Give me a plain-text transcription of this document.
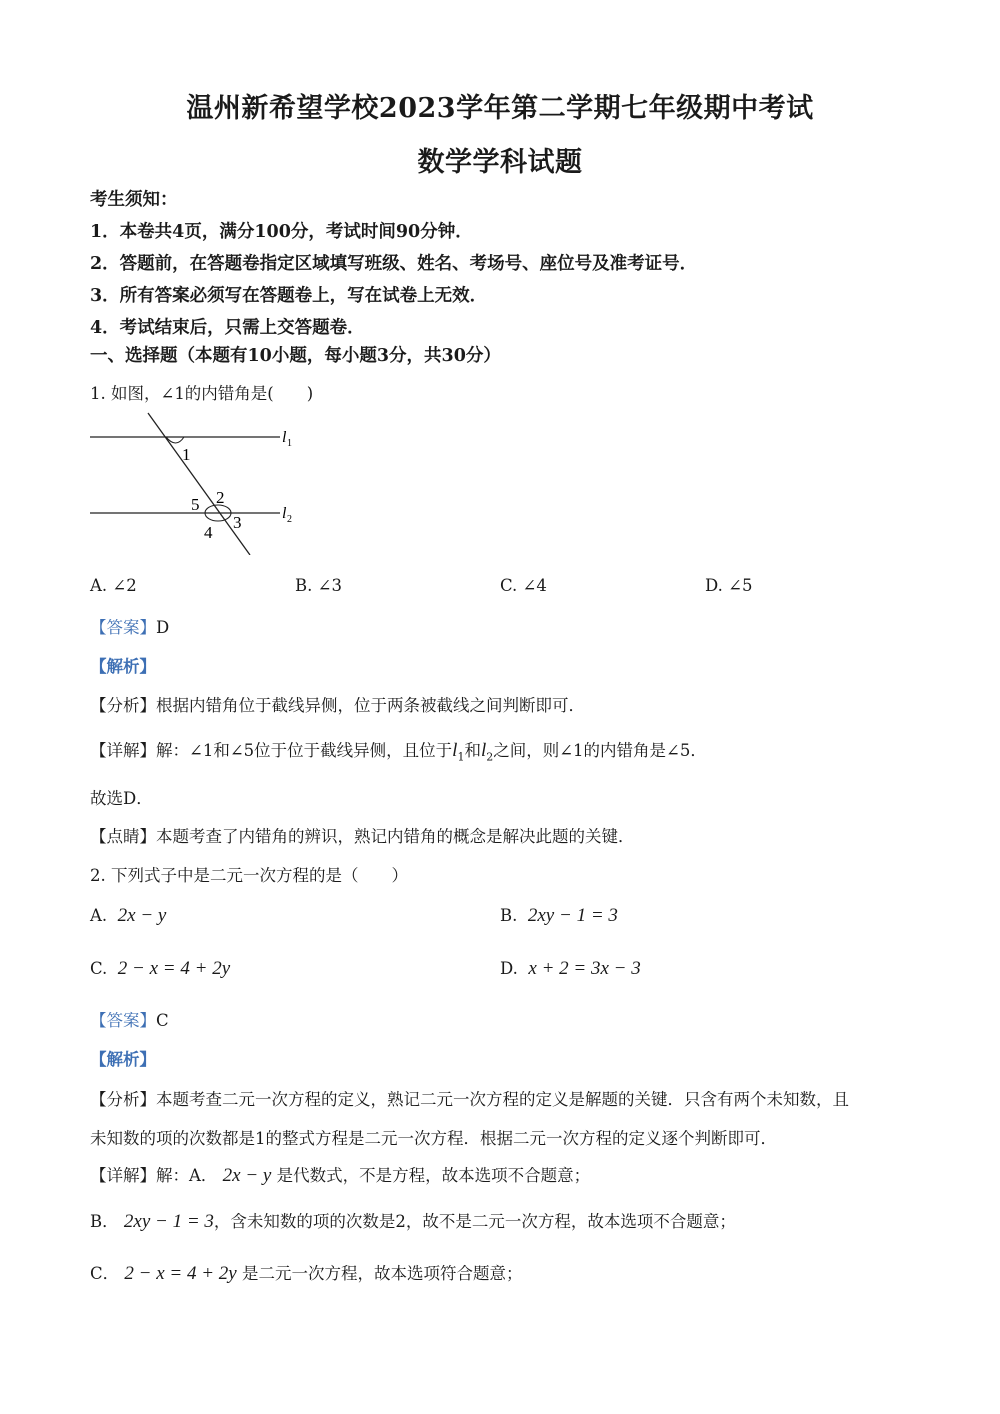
温州新希望学校2023学年第二学期七年级期中考试
数学学科试题
考生须知：
1．本卷共4页，满分100分，考试时间90分钟．
2．答题前，在答题卷指定区域填写班级、姓名、考场号、座位号及准考证号．
3．所有答案必须写在答题卷上，写在试卷上无效．
4．考试结束后，只需上交答题卷．
一、选择题（本题有10小题，每小题3分，共30分）
1. 如图，∠1的内错角是(　　)
1
2
3
4
5
l 1
l 2
A. ∠2	B. ∠3	C. ∠4	D. ∠5
【答案】D
【解析】
【分析】根据内错角位于截线异侧，位于两条被截线之间判断即可．
【详解】解：∠1和∠5位于位于截线异侧，且位于$l_1$和$l_2$之间，则∠1的内错角是∠5．
故选D．
【点睛】本题考查了内错角的辨识，熟记内错角的概念是解决此题的关键．
2. 下列式子中是二元一次方程的是（　　）
A. 2x − y	B. 2xy − 1 = 3
C. 2 − x = 4 + 2y	D. x + 2 = 3x − 3
【答案】C
【解析】
【分析】本题考查二元一次方程的定义，熟记二元一次方程的定义是解题的关键．只含有两个未知数，且
未知数的项的次数都是1的整式方程是二元一次方程．根据二元一次方程的定义逐个判断即可．
【详解】解：A． 2x − y 是代数式，不是方程，故本选项不合题意；
B． 2xy − 1 = 3，含未知数的项的次数是2，故不是二元一次方程，故本选项不合题意；
C． 2 − x = 4 + 2y 是二元一次方程，故本选项符合题意；
